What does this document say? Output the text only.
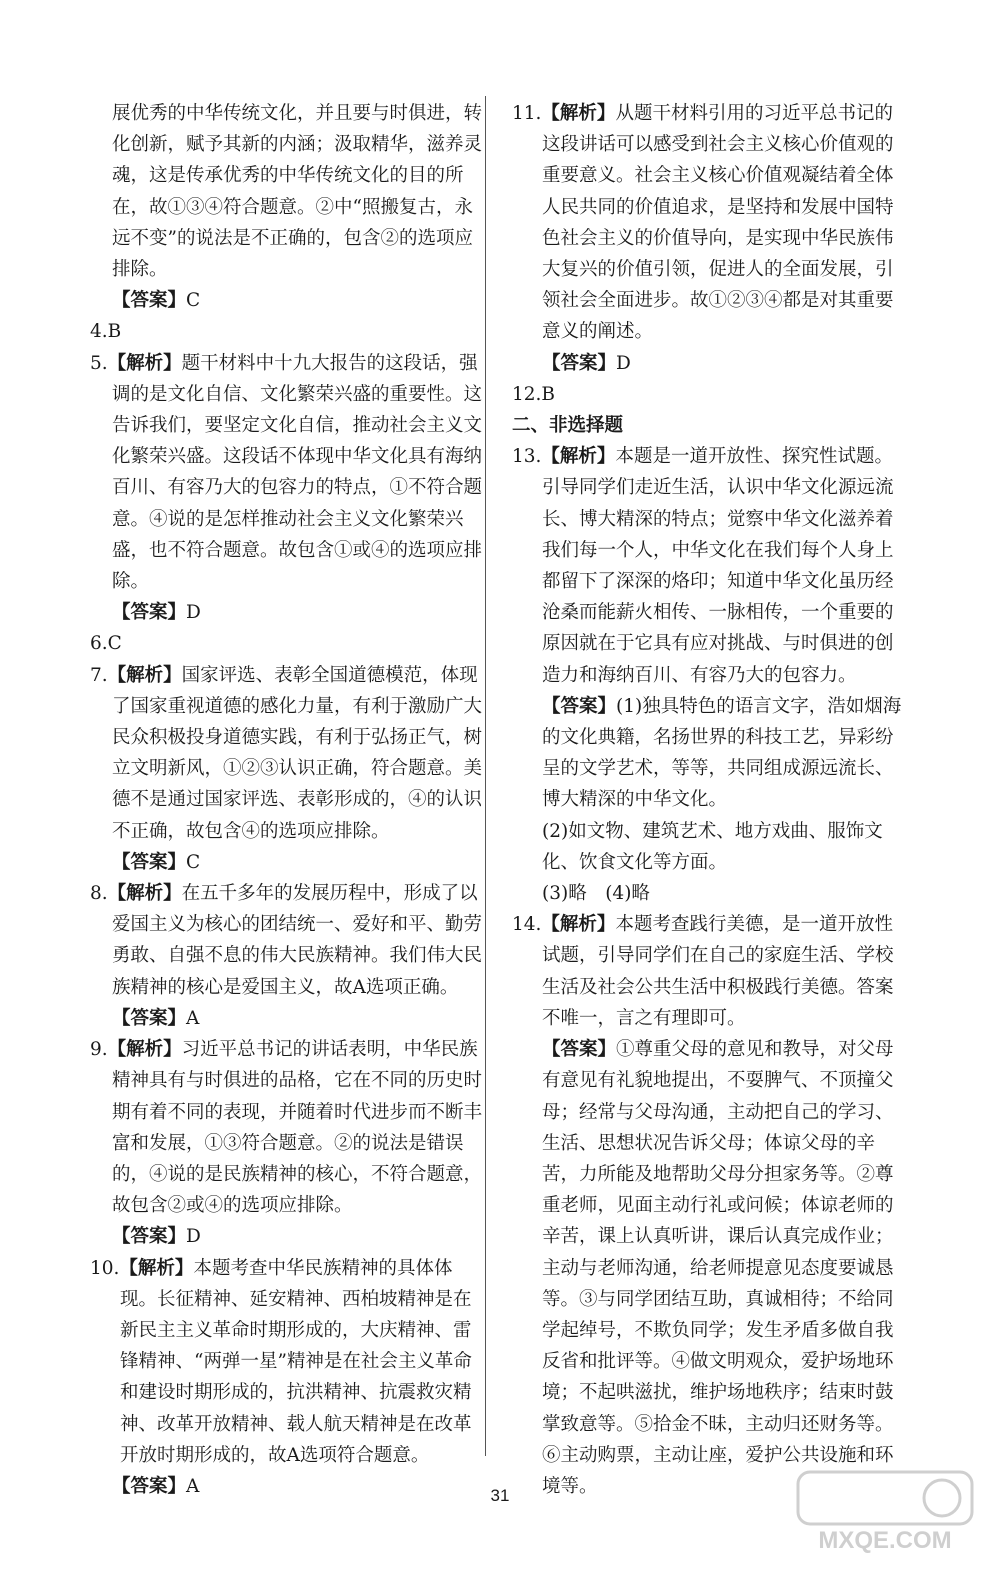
展优秀的中华传统文化，并且要与时俱进，转化创新，赋予其新的内涵；汲取精华，滋养灵魂，这是传承优秀的中华传统文化的目的所在，故①③④符合题意。②中“照搬复古，永远不变”的说法是不正确的，包含②的选项应排除。

【答案】C

4.B

5.【解析】题干材料中十九大报告的这段话，强调的是文化自信、文化繁荣兴盛的重要性。这告诉我们，要坚定文化自信，推动社会主义文化繁荣兴盛。这段话不体现中华文化具有海纳百川、有容乃大的包容力的特点，①不符合题意。④说的是怎样推动社会主义文化繁荣兴盛，也不符合题意。故包含①或④的选项应排除。

【答案】D

6.C

7.【解析】国家评选、表彰全国道德模范，体现了国家重视道德的感化力量，有利于激励广大民众积极投身道德实践，有利于弘扬正气，树立文明新风，①②③认识正确，符合题意。美德不是通过国家评选、表彰形成的，④的认识不正确，故包含④的选项应排除。

【答案】C

8.【解析】在五千多年的发展历程中，形成了以爱国主义为核心的团结统一、爱好和平、勤劳勇敢、自强不息的伟大民族精神。我们伟大民族精神的核心是爱国主义，故A选项正确。

【答案】A

9.【解析】习近平总书记的讲话表明，中华民族精神具有与时俱进的品格，它在不同的历史时期有着不同的表现，并随着时代进步而不断丰富和发展，①③符合题意。②的说法是错误的，④说的是民族精神的核心，不符合题意，故包含②或④的选项应排除。

【答案】D

10.【解析】本题考查中华民族精神的具体体现。长征精神、延安精神、西柏坡精神是在新民主主义革命时期形成的，大庆精神、雷锋精神、“两弹一星”精神是在社会主义革命和建设时期形成的，抗洪精神、抗震救灾精神、改革开放精神、载人航天精神是在改革开放时期形成的，故A选项符合题意。

【答案】A

11.【解析】从题干材料引用的习近平总书记的这段讲话可以感受到社会主义核心价值观的重要意义。社会主义核心价值观凝结着全体人民共同的价值追求，是坚持和发展中国特色社会主义的价值导向，是实现中华民族伟大复兴的价值引领，促进人的全面发展，引领社会全面进步。故①②③④都是对其重要意义的阐述。

【答案】D

12.B

二、非选择题

13.【解析】本题是一道开放性、探究性试题。引导同学们走近生活，认识中华文化源远流长、博大精深的特点；觉察中华文化滋养着我们每一个人，中华文化在我们每个人身上都留下了深深的烙印；知道中华文化虽历经沧桑而能薪火相传、一脉相传，一个重要的原因就在于它具有应对挑战、与时俱进的创造力和海纳百川、有容乃大的包容力。

【答案】(1)独具特色的语言文字，浩如烟海的文化典籍，名扬世界的科技工艺，异彩纷呈的文学艺术，等等，共同组成源远流长、博大精深的中华文化。

(2)如文物、建筑艺术、地方戏曲、服饰文化、饮食文化等方面。

(3)略　(4)略

14.【解析】本题考查践行美德，是一道开放性试题，引导同学们在自己的家庭生活、学校生活及社会公共生活中积极践行美德。答案不唯一，言之有理即可。

【答案】①尊重父母的意见和教导，对父母有意见有礼貌地提出，不耍脾气、不顶撞父母；经常与父母沟通，主动把自己的学习、生活、思想状况告诉父母；体谅父母的辛苦，力所能及地帮助父母分担家务等。②尊重老师，见面主动行礼或问候；体谅老师的辛苦，课上认真听讲，课后认真完成作业；主动与老师沟通，给老师提意见态度要诚恳等。③与同学团结互助，真诚相待；不给同学起绰号，不欺负同学；发生矛盾多做自我反省和批评等。④做文明观众，爱护场地环境；不起哄滋扰，维护场地秩序；结束时鼓掌致意等。⑤拾金不昧，主动归还财务等。⑥主动购票，主动让座，爱护公共设施和环境等。

31
MXQE.COM
